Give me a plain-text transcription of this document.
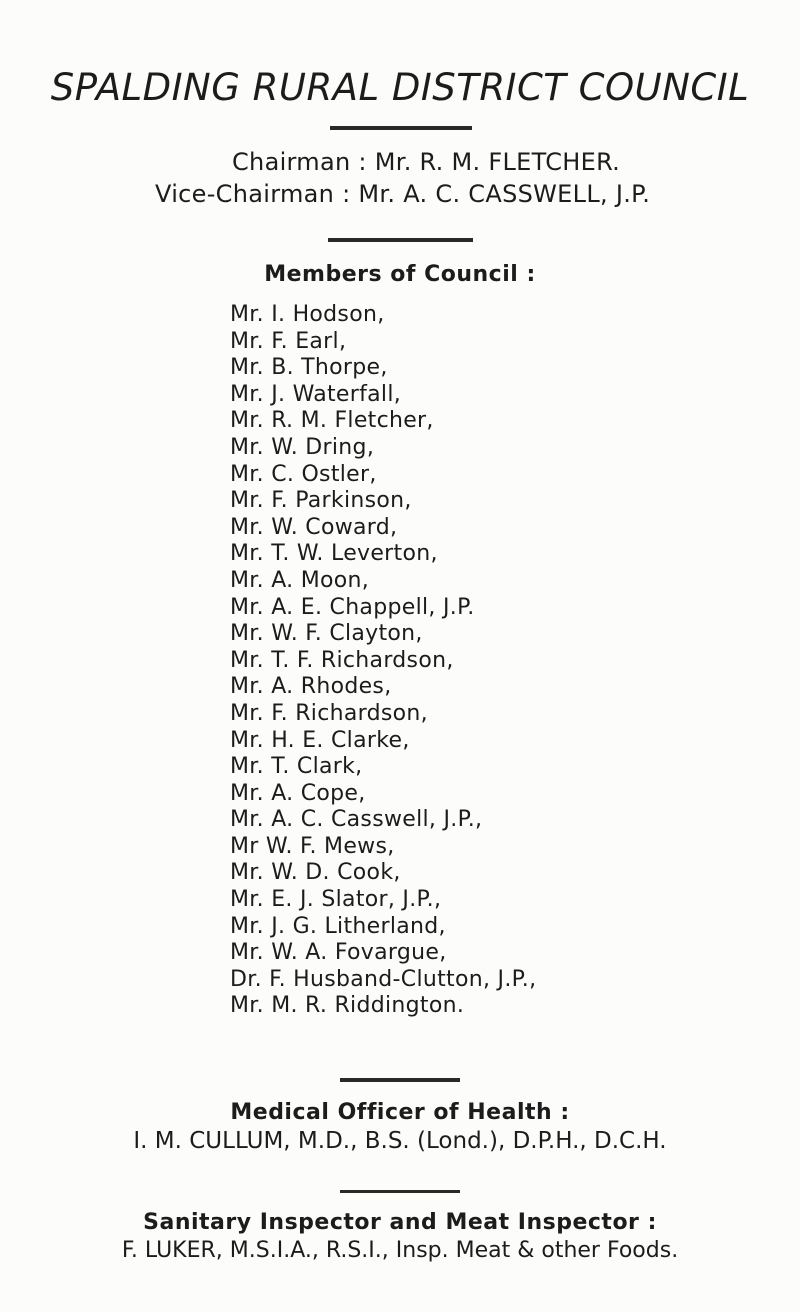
SPALDING RURAL DISTRICT COUNCIL
Chairman : Mr. R. M. FLETCHER.
Vice-Chairman : Mr. A. C. CASSWELL, J.P.
Members of Council :
Mr. I. Hodson,
Mr. F. Earl,
Mr. B. Thorpe,
Mr. J. Waterfall,
Mr. R. M. Fletcher,
Mr. W. Dring,
Mr. C. Ostler,
Mr. F. Parkinson,
Mr. W. Coward,
Mr. T. W. Leverton,
Mr. A. Moon,
Mr. A. E. Chappell, J.P.
Mr. W. F. Clayton,
Mr. T. F. Richardson,
Mr. A. Rhodes,
Mr. F. Richardson,
Mr. H. E. Clarke,
Mr. T. Clark,
Mr. A. Cope,
Mr. A. C. Casswell, J.P.,
Mr W. F. Mews,
Mr. W. D. Cook,
Mr. E. J. Slator, J.P.,
Mr. J. G. Litherland,
Mr. W. A. Fovargue,
Dr. F. Husband-Clutton, J.P.,
Mr. M. R. Riddington.
Medical Officer of Health :
I. M. CULLUM, M.D., B.S. (Lond.), D.P.H., D.C.H.
Sanitary Inspector and Meat Inspector :
F. LUKER, M.S.I.A., R.S.I., Insp. Meat & other Foods.
